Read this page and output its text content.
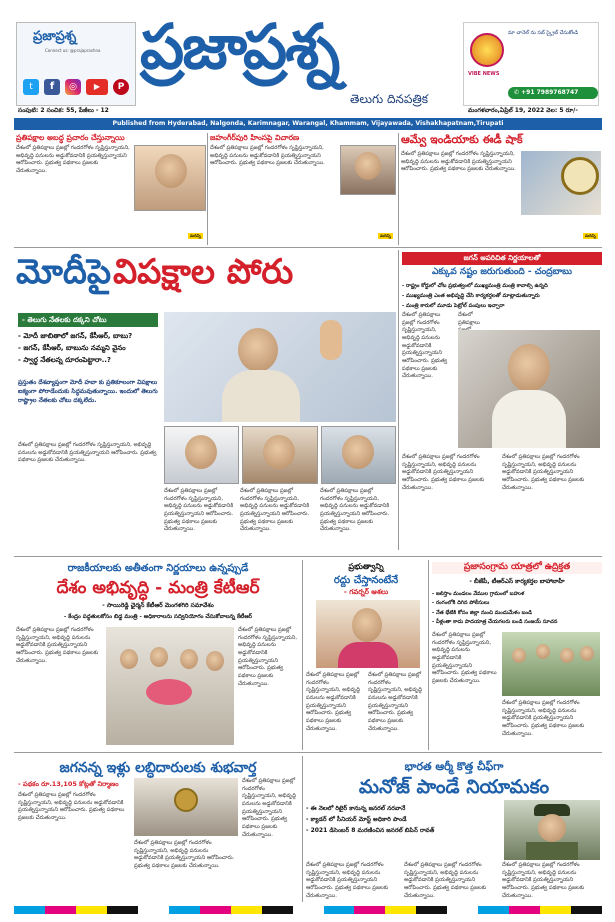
ప్రజాప్రశ్న
Connect us: @prajaprashna
t	f	◎	▶	P
ప్రజాప్రశ్న
తెలుగు దినపత్రిక
VIBE NEWS
మా చానెల్ ను సబ్ స్క్రైబ్ చేసుకోండి
✆ +91 7989768747
సంపుటి: 2 సంచిక: 55, పేజీలు - 12	మంగళవారం,ఏప్రిల్ 19, 2022 వెల: 5 రూ/-
Published from Hyderabad, Nalgonda, Karimnagar, Warangal, Khammam, Vijayawada, Vishakhapatnam,Tirupati
ప్రతిపక్షాల అబద్ధ ప్రచారం చేస్తున్నాయి
దేశంలో ప్రతిపక్షాలు ప్రజల్లో గందరగోళం సృష్టిస్తున్నాయని, అభివృద్ధి పనులను అడ్డుకోవడానికి ప్రయత్నిస్తున్నాయని ఆరోపించారు. ప్రభుత్వ పథకాలు ప్రజలకు చేరుతున్నాయి.
మరిన్ని
జహంగీర్‌పురి హింసపై విచారణ
దేశంలో ప్రతిపక్షాలు ప్రజల్లో గందరగోళం సృష్టిస్తున్నాయని, అభివృద్ధి పనులను అడ్డుకోవడానికి ప్రయత్నిస్తున్నాయని ఆరోపించారు. ప్రభుత్వ పథకాలు ప్రజలకు చేరుతున్నాయి.
మరిన్ని
ఆమ్వే ఇండియాకు ఈడీ షాక్
దేశంలో ప్రతిపక్షాలు ప్రజల్లో గందరగోళం సృష్టిస్తున్నాయని, అభివృద్ధి పనులను అడ్డుకోవడానికి ప్రయత్నిస్తున్నాయని ఆరోపించారు. ప్రభుత్వ పథకాలు ప్రజలకు చేరుతున్నాయి.
మరిన్ని
మోదీపై విపక్షాల పోరు
- తెలుగు నేతలకు దక్కని చోటు
- మోదీ జాబితాలో జగన్, కేసీఆర్, బాబు?
- జగన్, కేసీఆర్, బాబును నమ్మని వైనం
- స్వార్థ నేతలన్న దూరంపెట్టారా..?
ప్రస్తుతం దేశవ్యాప్తంగా మోదీ హవా కు ప్రతికూలంగా విపక్షాలు ఐక్యంగా పోరాడేందుకు సిద్ధమవుతున్నాయి. ఇందులో తెలుగు రాష్ట్రాల నేతలకు చోటు దక్కలేదు.
దేశంలో ప్రతిపక్షాలు ప్రజల్లో గందరగోళం సృష్టిస్తున్నాయని, అభివృద్ధి పనులను అడ్డుకోవడానికి ప్రయత్నిస్తున్నాయని ఆరోపించారు. ప్రభుత్వ పథకాలు ప్రజలకు చేరుతున్నాయి.
దేశంలో ప్రతిపక్షాలు ప్రజల్లో గందరగోళం సృష్టిస్తున్నాయని, అభివృద్ధి పనులను అడ్డుకోవడానికి ప్రయత్నిస్తున్నాయని ఆరోపించారు. ప్రభుత్వ పథకాలు ప్రజలకు చేరుతున్నాయి.
దేశంలో ప్రతిపక్షాలు ప్రజల్లో గందరగోళం సృష్టిస్తున్నాయని, అభివృద్ధి పనులను అడ్డుకోవడానికి ప్రయత్నిస్తున్నాయని ఆరోపించారు. ప్రభుత్వ పథకాలు ప్రజలకు చేరుతున్నాయి.
దేశంలో ప్రతిపక్షాలు ప్రజల్లో గందరగోళం సృష్టిస్తున్నాయని, అభివృద్ధి పనులను అడ్డుకోవడానికి ప్రయత్నిస్తున్నాయని ఆరోపించారు. ప్రభుత్వ పథకాలు ప్రజలకు చేరుతున్నాయి.
జగన్ అపరిచిత నిర్ణయాలతో
ఎక్కువ నష్టం జరుగుతుంది - చంద్రబాబు
- రాష్ట్రం కోర్టులో చోట ప్రభుత్వంలో ముఖ్యమంత్రి మంత్రి కావాల్సి ఉన్నది
- ముఖ్యమంత్రి ఎంత అభివృద్ధి చేసి కార్యకర్తలతో మాట్లాడుతున్నారు
- మంత్రి కారులో మూడు పెట్రోల్ పంపులు ఇచ్చారా
దేశంలో ప్రతిపక్షాలు ప్రజల్లో గందరగోళం సృష్టిస్తున్నాయని, అభివృద్ధి పనులను అడ్డుకోవడానికి ప్రయత్నిస్తున్నాయని ఆరోపించారు. ప్రభుత్వ పథకాలు ప్రజలకు చేరుతున్నాయి.
దేశంలో ప్రతిపక్షాలు
దేశంలో ప్రతిపక్షాలు ప్రజల్లో గందరగోళం సృష్టిస్తున్నాయని, అభివృద్ధి పనులను అడ్డుకోవడానికి ప్రయత్నిస్తున్నాయని ఆరోపించారు. ప్రభుత్వ పథకాలు ప్రజలకు చేరుతున్నాయి.
దేశంలో ప్రతిపక్షాలు ప్రజల్లో గందరగోళం సృష్టిస్తున్నాయని, అభివృద్ధి పనులను అడ్డుకోవడానికి ప్రయత్నిస్తున్నాయని ఆరోపించారు. ప్రభుత్వ పథకాలు ప్రజలకు చేరుతున్నాయి.
రాజకీయాలకు అతీతంగా నిర్ణయాలు ఉన్నప్పుడే
దేశం అభివృద్ధి - మంత్రి కేటీఆర్
- సాయిరెడ్డి ఛైర్మన్ కేటీఆర్ మెంగళగిరి సమావేశం
- కేంద్రం పద్ధతులకోసం బిడ్డ మంత్రి - అధికారాలను సద్వినియోగం చేసుకోవాలన్న కేటీఆర్
దేశంలో ప్రతిపక్షాలు ప్రజల్లో గందరగోళం సృష్టిస్తున్నాయని, అభివృద్ధి పనులను అడ్డుకోవడానికి ప్రయత్నిస్తున్నాయని ఆరోపించారు. ప్రభుత్వ పథకాలు ప్రజలకు చేరుతున్నాయి.
దేశంలో ప్రతిపక్షాలు ప్రజల్లో గందరగోళం సృష్టిస్తున్నాయని, అభివృద్ధి పనులను అడ్డుకోవడానికి ప్రయత్నిస్తున్నాయని ఆరోపించారు. ప్రభుత్వ పథకాలు ప్రజలకు చేరుతున్నాయి.
ప్రభుత్వాన్ని
రద్దు చేస్తానంటేనే
- గవర్నర్ ఆశలు
దేశంలో ప్రతిపక్షాలు ప్రజల్లో గందరగోళం సృష్టిస్తున్నాయని, అభివృద్ధి పనులను అడ్డుకోవడానికి ప్రయత్నిస్తున్నాయని ఆరోపించారు. ప్రభుత్వ పథకాలు ప్రజలకు చేరుతున్నాయి.
దేశంలో ప్రతిపక్షాలు ప్రజల్లో గందరగోళం సృష్టిస్తున్నాయని, అభివృద్ధి పనులను అడ్డుకోవడానికి ప్రయత్నిస్తున్నాయని ఆరోపించారు. ప్రభుత్వ పథకాలు ప్రజలకు చేరుతున్నాయి.
ప్రజాసంగ్రామ యాత్రలో ఉద్రిక్తత
- బీజేపీ, టీఆర్ఎస్ కార్యకర్తల బాహాబాహీ
- జలిస్తాం మండలం వేముల గ్రామంలో బహుళ
- రంగంలోకి దిగిన పోలీసులు
- నేత భేటికి కోసం జిల్లా నుంచి మందుమేళం బండి
- వీళ్లంతా కాదు పాదయాత్ర చేయగలరు బండి సంజయ్ సూచన
దేశంలో ప్రతిపక్షాలు ప్రజల్లో గందరగోళం సృష్టిస్తున్నాయని, అభివృద్ధి పనులను అడ్డుకోవడానికి ప్రయత్నిస్తున్నాయని ఆరోపించారు. ప్రభుత్వ పథకాలు ప్రజలకు చేరుతున్నాయి.
దేశంలో ప్రతిపక్షాలు ప్రజల్లో గందరగోళం సృష్టిస్తున్నాయని, అభివృద్ధి పనులను అడ్డుకోవడానికి ప్రయత్నిస్తున్నాయని ఆరోపించారు. ప్రభుత్వ పథకాలు ప్రజలకు చేరుతున్నాయి.
జగనన్న ఇళ్లు లబ్ధిదారులకు శుభవార్త
- పథకం రూ.13,105 కోట్లతో నిర్మాణం
దేశంలో ప్రతిపక్షాలు ప్రజల్లో గందరగోళం సృష్టిస్తున్నాయని, అభివృద్ధి పనులను అడ్డుకోవడానికి ప్రయత్నిస్తున్నాయని ఆరోపించారు. ప్రభుత్వ పథకాలు ప్రజలకు చేరుతున్నాయి.
దేశంలో ప్రతిపక్షాలు ప్రజల్లో గందరగోళం సృష్టిస్తున్నాయని, అభివృద్ధి పనులను అడ్డుకోవడానికి ప్రయత్నిస్తున్నాయని ఆరోపించారు. ప్రభుత్వ పథకాలు ప్రజలకు చేరుతున్నాయి.
దేశంలో ప్రతిపక్షాలు ప్రజల్లో గందరగోళం సృష్టిస్తున్నాయని, అభివృద్ధి పనులను అడ్డుకోవడానికి ప్రయత్నిస్తున్నాయని ఆరోపించారు. ప్రభుత్వ పథకాలు ప్రజలకు చేరుతున్నాయి.
భారత ఆర్మీ కొత్త చీఫ్‌గా
మనోజ్ పాండే నియామకం
- ఈ నెలలో రిటైర్ కానున్న జనరల్ నరవానే
- క్యాడర్ లో సీనియర్ మోస్ట్ అధికారి పాండే
- 2021 డిసెంబర్ 8 మరణించిన జనరల్ బిపిన్ రావత్
దేశంలో ప్రతిపక్షాలు ప్రజల్లో గందరగోళం సృష్టిస్తున్నాయని, అభివృద్ధి పనులను అడ్డుకోవడానికి ప్రయత్నిస్తున్నాయని ఆరోపించారు. ప్రభుత్వ పథకాలు ప్రజలకు చేరుతున్నాయి.
దేశంలో ప్రతిపక్షాలు ప్రజల్లో గందరగోళం సృష్టిస్తున్నాయని, అభివృద్ధి పనులను అడ్డుకోవడానికి ప్రయత్నిస్తున్నాయని ఆరోపించారు. ప్రభుత్వ పథకాలు ప్రజలకు చేరుతున్నాయి.
దేశంలో ప్రతిపక్షాలు ప్రజల్లో గందరగోళం సృష్టిస్తున్నాయని, అభివృద్ధి పనులను అడ్డుకోవడానికి ప్రయత్నిస్తున్నాయని ఆరోపించారు. ప్రభుత్వ పథకాలు ప్రజలకు చేరుతున్నాయి.
